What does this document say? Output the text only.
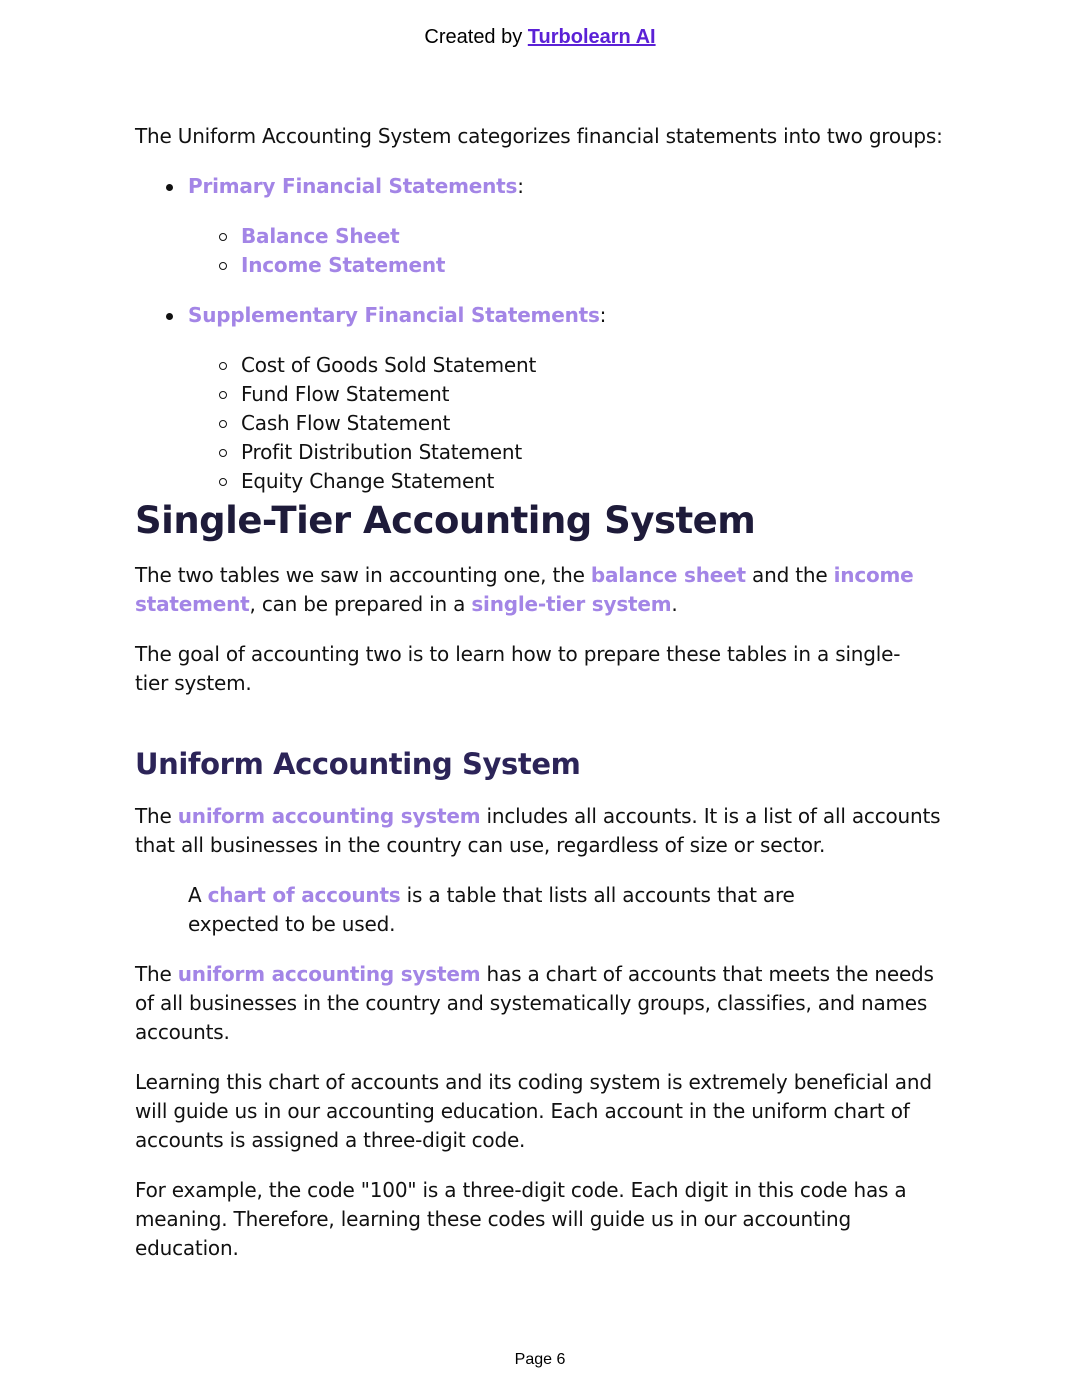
Created by Turbolearn AI

The Uniform Accounting System categorizes financial statements into two groups:

Primary Financial Statements:
Balance Sheet
Income Statement
Supplementary Financial Statements:
Cost of Goods Sold Statement
Fund Flow Statement
Cash Flow Statement
Profit Distribution Statement
Equity Change Statement
Single-Tier Accounting System

The two tables we saw in accounting one, the balance sheet and the income statement, can be prepared in a single-tier system.

The goal of accounting two is to learn how to prepare these tables in a single-tier system.

Uniform Accounting System

The uniform accounting system includes all accounts. It is a list of all accounts that all businesses in the country can use, regardless of size or sector.

A chart of accounts is a table that lists all accounts that are expected to be used.

The uniform accounting system has a chart of accounts that meets the needs of all businesses in the country and systematically groups, classifies, and names accounts.

Learning this chart of accounts and its coding system is extremely beneficial and will guide us in our accounting education. Each account in the uniform chart of accounts is assigned a three-digit code.

For example, the code "100" is a three-digit code. Each digit in this code has a meaning. Therefore, learning these codes will guide us in our accounting education.

Page 6
